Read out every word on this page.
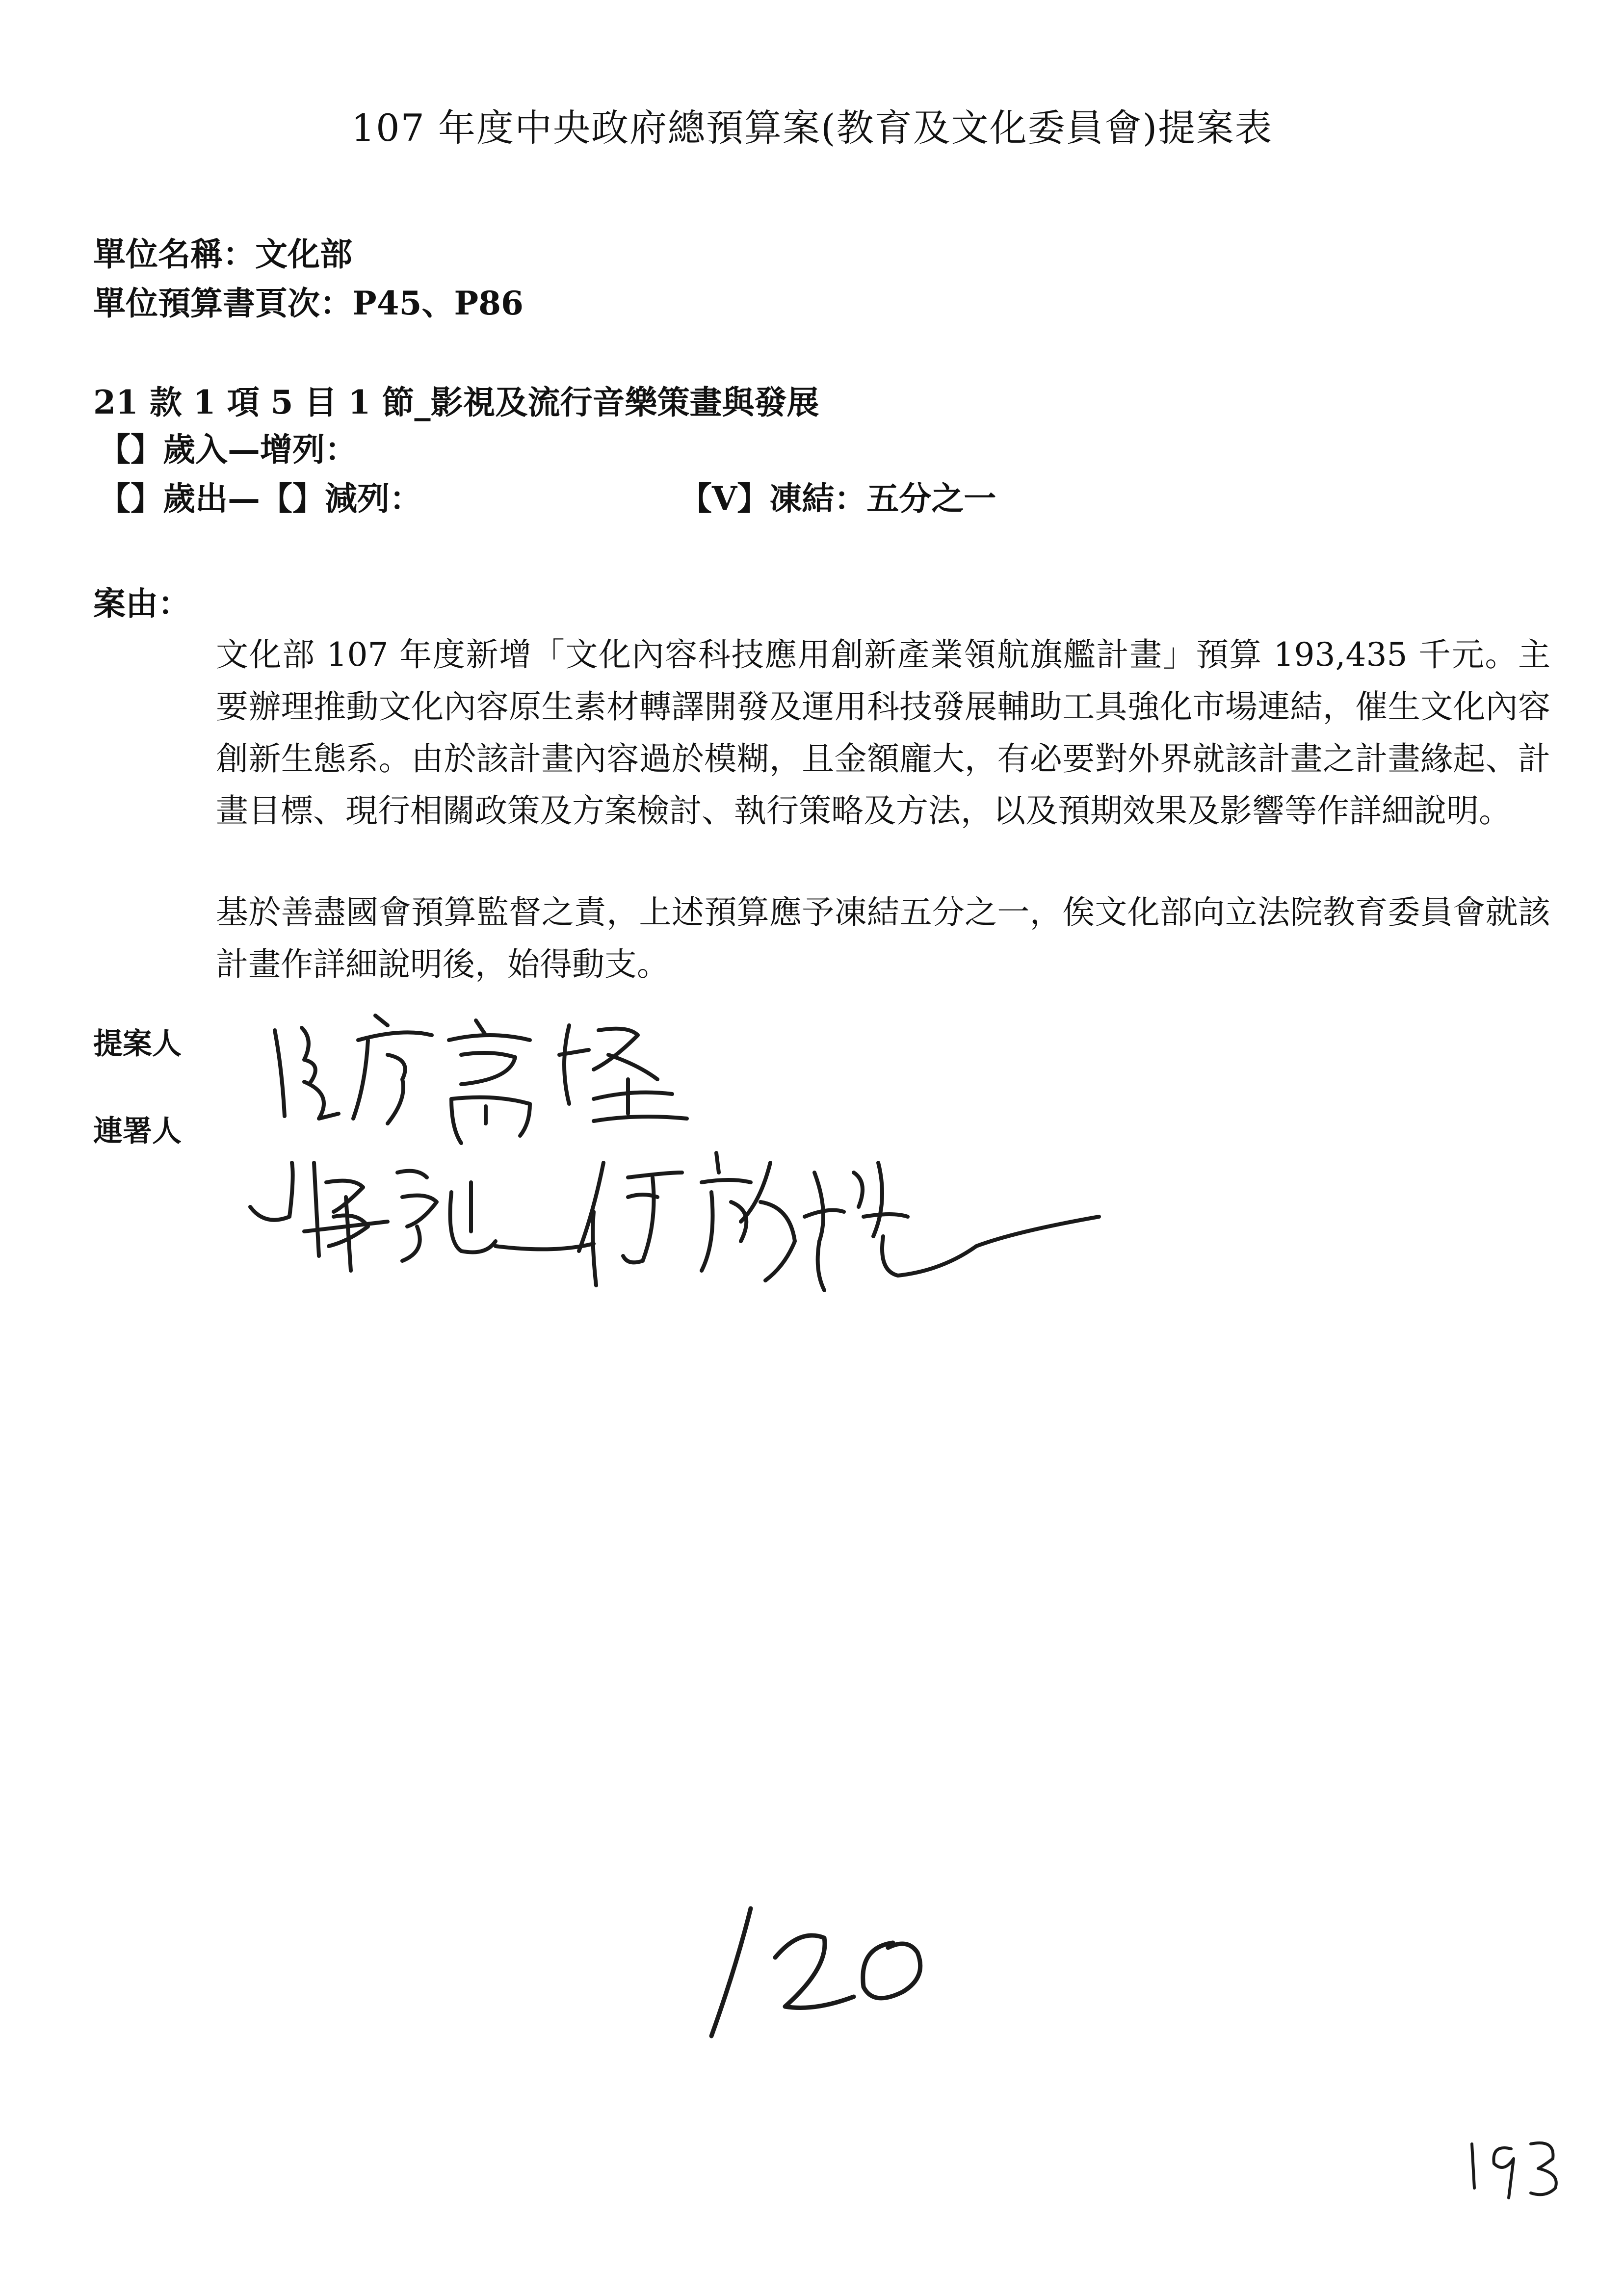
107 年度中央政府總預算案(教育及文化委員會)提案表
單位名稱：文化部
單位預算書頁次：P45、P86
21 款 1 項 5 目 1 節_影視及流行音樂策畫與發展
【】歲入—增列：
【】歲出—【】減列：	【V】凍結：五分之一
案由：
文化部 107 年度新增「文化內容科技應用創新產業領航旗艦計畫」預算 193,435 千元。主要辦理推動文化內容原生素材轉譯開發及運用科技發展輔助工具強化市場連結，催生文化內容創新生態系。由於該計畫內容過於模糊，且金額龐大，有必要對外界就該計畫之計畫緣起、計畫目標、現行相關政策及方案檢討、執行策略及方法，以及預期效果及影響等作詳細說明。
基於善盡國會預算監督之責，上述預算應予凍結五分之一，俟文化部向立法院教育委員會就該計畫作詳細說明後，始得動支。
提案人
連署人
